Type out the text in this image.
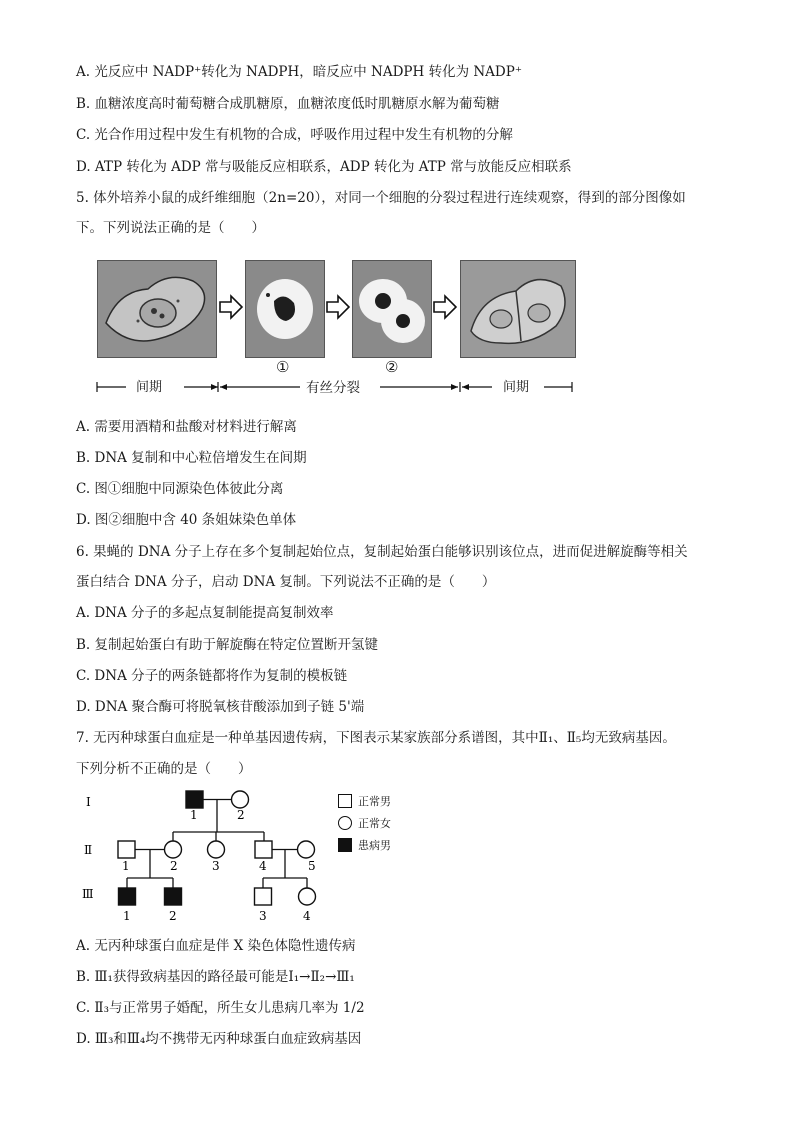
A. 光反应中 NADP⁺转化为 NADPH，暗反应中 NADPH 转化为 NADP⁺
B. 血糖浓度高时葡萄糖合成肌糖原，血糖浓度低时肌糖原水解为葡萄糖
C. 光合作用过程中发生有机物的合成，呼吸作用过程中发生有机物的分解
D. ATP 转化为 ADP 常与吸能反应相联系，ADP 转化为 ATP 常与放能反应相联系
5. 体外培养小鼠的成纤维细胞（2n=20），对同一个细胞的分裂过程进行连续观察，得到的部分图像如
下。下列说法正确的是（　　）
间期	有丝分裂	间期
①	②
A. 需要用酒精和盐酸对材料进行解离
B. DNA 复制和中心粒倍增发生在间期
C. 图①细胞中同源染色体彼此分离
D. 图②细胞中含 40 条姐妹染色单体
6. 果蝇的 DNA 分子上存在多个复制起始位点，复制起始蛋白能够识别该位点，进而促进解旋酶等相关
蛋白结合 DNA 分子，启动 DNA 复制。下列说法不正确的是（　　）
A. DNA 分子的多起点复制能提高复制效率
B. 复制起始蛋白有助于解旋酶在特定位置断开氢键
C. DNA 分子的两条链都将作为复制的模板链
D. DNA 聚合酶可将脱氧核苷酸添加到子链 5'端
7. 无丙种球蛋白血症是一种单基因遗传病，下图表示某家族部分系谱图，其中Ⅱ₁、Ⅱ₅均无致病基因。
下列分析不正确的是（　　）
Ⅰ
Ⅱ
Ⅲ
1	2
1	2	3	4	5
1	2	3	4
正常男
正常女
患病男
A. 无丙种球蛋白血症是伴 X 染色体隐性遗传病
B. Ⅲ₁获得致病基因的路径最可能是Ⅰ₁→Ⅱ₂→Ⅲ₁
C. Ⅱ₃与正常男子婚配，所生女儿患病几率为 1/2
D. Ⅲ₃和Ⅲ₄均不携带无丙种球蛋白血症致病基因
